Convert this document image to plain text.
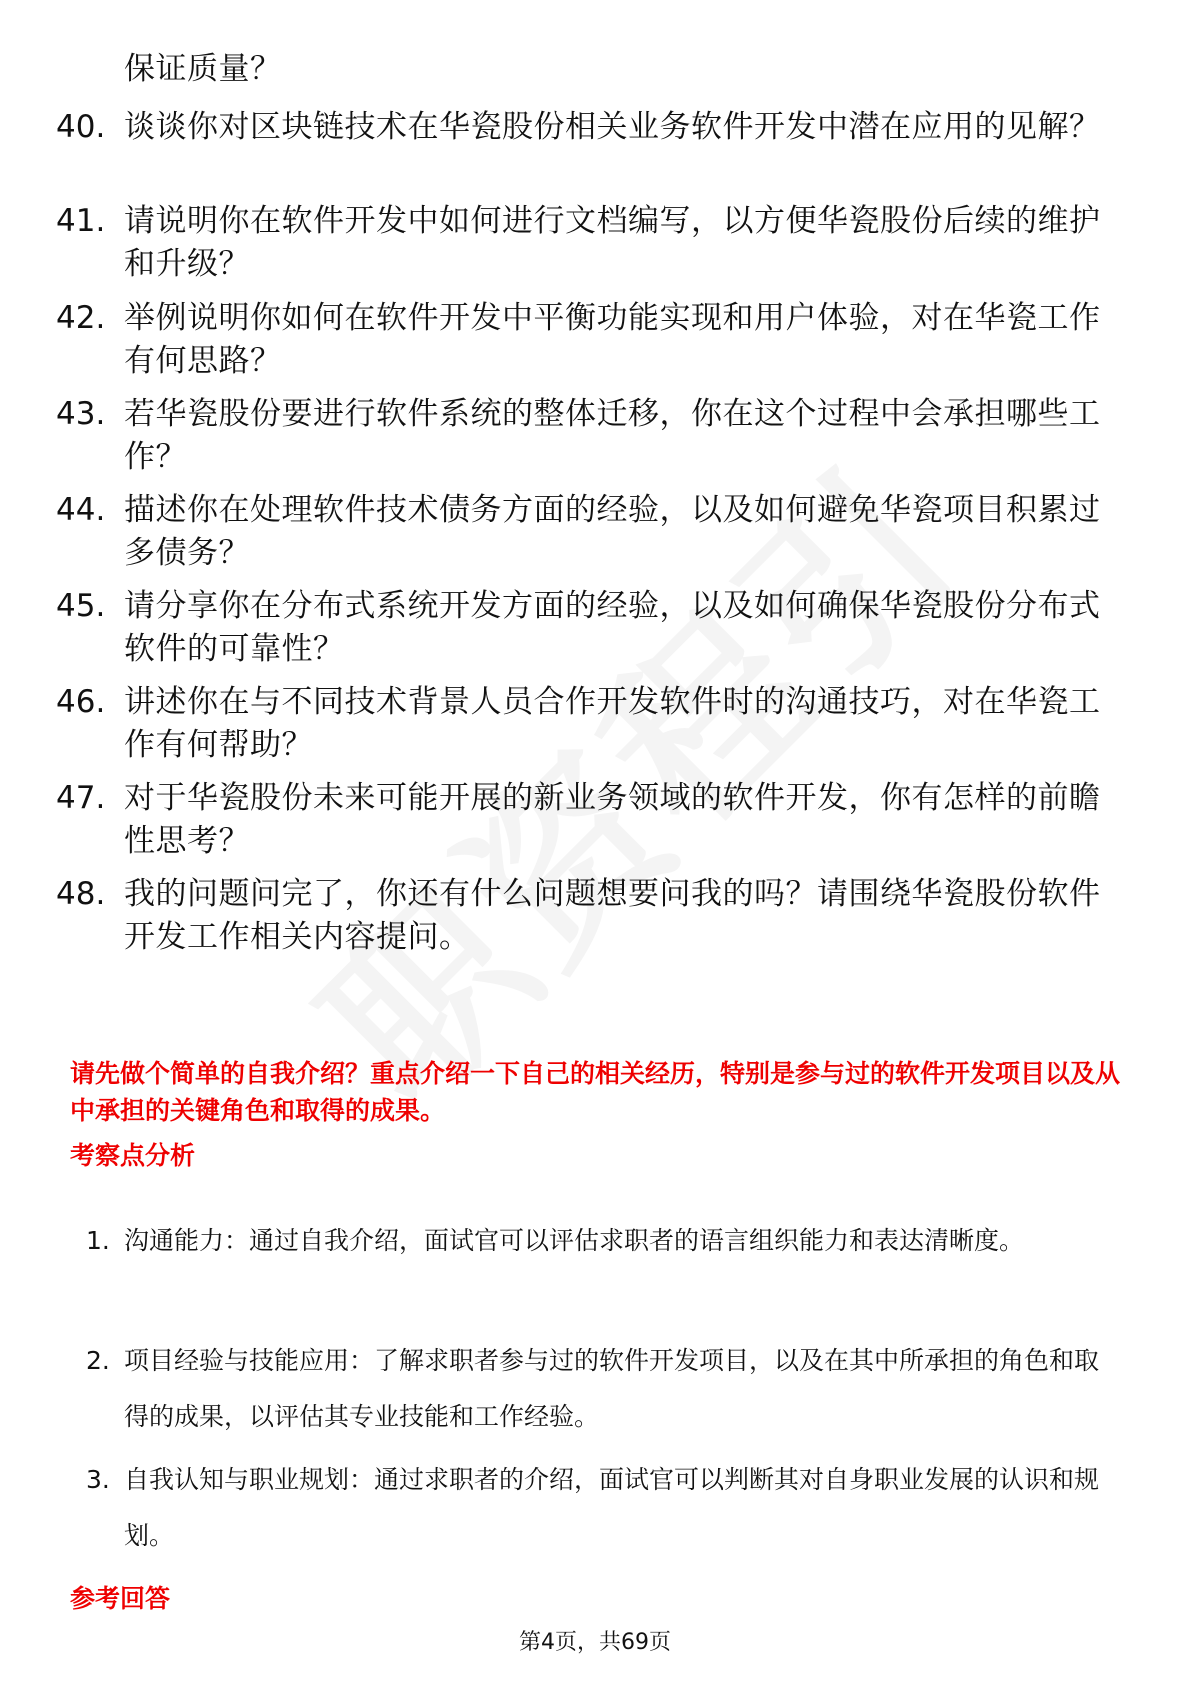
保证质量？
40. 谈谈你对区块链技术在华瓷股份相关业务软件开发中潜在应用的见解？
41. 请说明你在软件开发中如何进行文档编写，以方便华瓷股份后续的维护和升级？
42. 举例说明你如何在软件开发中平衡功能实现和用户体验，对在华瓷工作有何思路？
43. 若华瓷股份要进行软件系统的整体迁移，你在这个过程中会承担哪些工作？
44. 描述你在处理软件技术债务方面的经验，以及如何避免华瓷项目积累过多债务？
45. 请分享你在分布式系统开发方面的经验，以及如何确保华瓷股份分布式软件的可靠性？
46. 讲述你在与不同技术背景人员合作开发软件时的沟通技巧，对在华瓷工作有何帮助？
47. 对于华瓷股份未来可能开展的新业务领域的软件开发，你有怎样的前瞻性思考？
48. 我的问题问完了，你还有什么问题想要问我的吗？请围绕华瓷股份软件开发工作相关内容提问。
请先做个简单的自我介绍？重点介绍一下自己的相关经历，特别是参与过的软件开发项目以及从中承担的关键角色和取得的成果。
考察点分析
1. 沟通能力：通过自我介绍，面试官可以评估求职者的语言组织能力和表达清晰度。
2. 项目经验与技能应用：了解求职者参与过的软件开发项目，以及在其中所承担的角色和取得的成果，以评估其专业技能和工作经验。
3. 自我认知与职业规划：通过求职者的介绍，面试官可以判断其对自身职业发展的认识和规划。
参考回答
第4页，共69页
